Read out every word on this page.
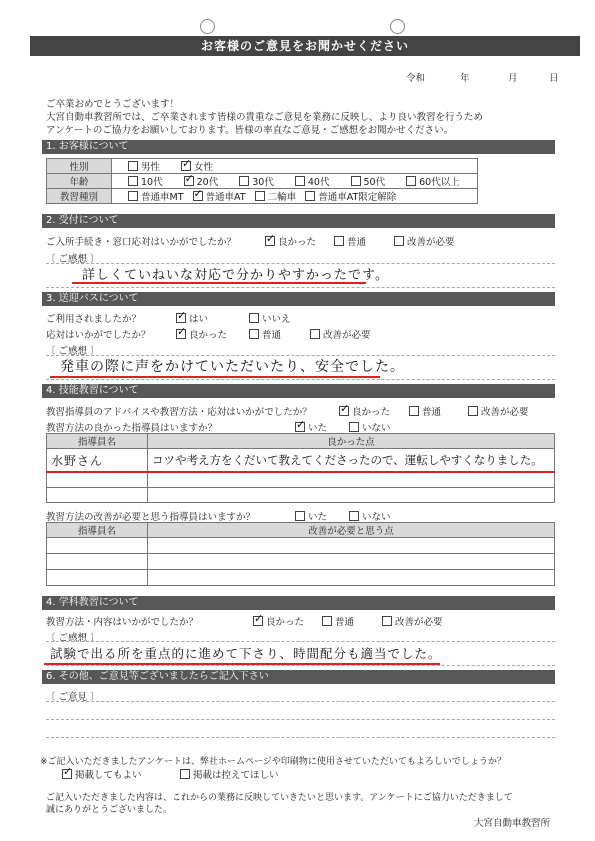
お客様のご意見をお聞かせください
令和	年	月	日
ご卒業おめでとうございます！
大宮自動車教習所では、ご卒業されます皆様の貴重なご意見を業務に反映し、より良い教習を行うため
アンケートのご協力をお願いしております。皆様の率直なご意見・ご感想をお聞かせください。
1. お客様について
性別	男性 ✓ 女性
年齢	10代 ✓ 20代 30代 40代 50代 60代以上
教習種別	普通車MT ✓ 普通車AT 二輪車 普通車AT限定解除
2. 受付について
ご入所手続き・窓口応対はいかがでしたか？ ✓	良かった	普通	改善が必要
〔 ご感想 〕
詳しくていねいな対応で分かりやすかったです。
3. 送迎バスについて
ご利用されましたか？ ✓	はい	いいえ
応対はいかがでしたか？ ✓	良かった	普通	改善が必要
〔 ご感想 〕
発車の際に声をかけていただいたり、安全でした。
4. 技能教習について
教習指導員のアドバイスや教習方法・応対はいかがでしたか？ ✓	良かった	普通	改善が必要
教習方法の良かった指導員はいますか？ ✓	いた	いない
指導員名	良かった点
水野さん	コツや考え方をくだいて教えてくださったので、運転しやすくなりました。

教習方法の改善が必要と思う指導員はいますか？	いた	いない
指導員名	改善が必要と思う点

4. 学科教習について
教習方法・内容はいかがでしたか？ ✓	良かった	普通	改善が必要
〔 ご感想 〕
試験で出る所を重点的に進めて下さり、時間配分も適当でした。
6. その他、ご意見等ございましたらご記入下さい
〔 ご意見 〕
※ご記入いただきましたアンケートは、弊社ホームページや印刷物に使用させていただいてもよろしいでしょうか？
✓掲載してもよい	掲載は控えてほしい
ご記入いただきました内容は、これからの業務に反映していきたいと思います。アンケートにご協力いただきまして
誠にありがとうございました。
大宮自動車教習所
